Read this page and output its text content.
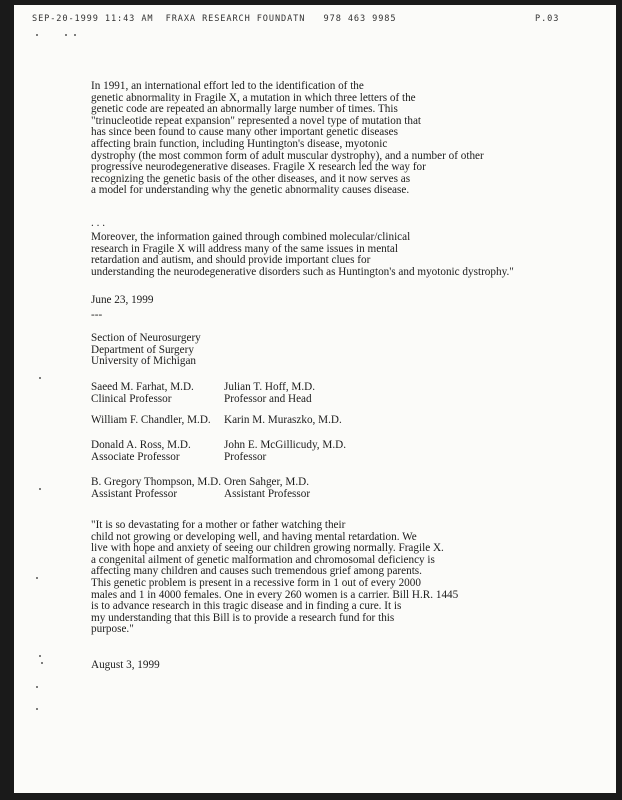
SEP-20-1999 11:43 AM  FRAXA RESEARCH FOUNDATN   978 463 9985	P.03
In 1991, an international effort led to the identification of the
genetic abnormality in Fragile X, a mutation in which three letters of the
genetic code are repeated an abnormally large number of times. This
"trinucleotide repeat expansion" represented a novel type of mutation that
has since been found to cause many other important genetic diseases
affecting brain function, including Huntington's disease, myotonic
dystrophy (the most common form of adult muscular dystrophy), and a number of other
progressive neurodegenerative diseases. Fragile X research led the way for
recognizing the genetic basis of the other diseases, and it now serves as
a model for understanding why the genetic abnormality causes disease.
. . .
Moreover, the information gained through combined molecular/clinical
research in Fragile X will address many of the same issues in mental
retardation and autism, and should provide important clues for
understanding the neurodegenerative disorders such as Huntington's and myotonic dystrophy."
June 23, 1999
---
Section of Neurosurgery
Department of Surgery
University of Michigan
Saeed M. Farhat, M.D.
Clinical Professor
Julian T. Hoff, M.D.
Professor and Head
William F. Chandler, M.D.	Karin M. Muraszko, M.D.
Donald A. Ross, M.D.
Associate Professor
John E. McGillicudy, M.D.
Professor
B. Gregory Thompson, M.D.
Assistant Professor
Oren Sahger, M.D.
Assistant Professor
"It is so devastating for a mother or father watching their
child not growing or developing well, and having mental retardation. We
live with hope and anxiety of seeing our children growing normally. Fragile X.
a congenital ailment of genetic malformation and chromosomal deficiency is
affecting many children and causes such tremendous grief among parents.
This genetic problem is present in a recessive form in 1 out of every 2000
males and 1 in 4000 females. One in every 260 women is a carrier. Bill H.R. 1445
is to advance research in this tragic disease and in finding a cure. It is
my understanding that this Bill is to provide a research fund for this
purpose."
August 3, 1999
